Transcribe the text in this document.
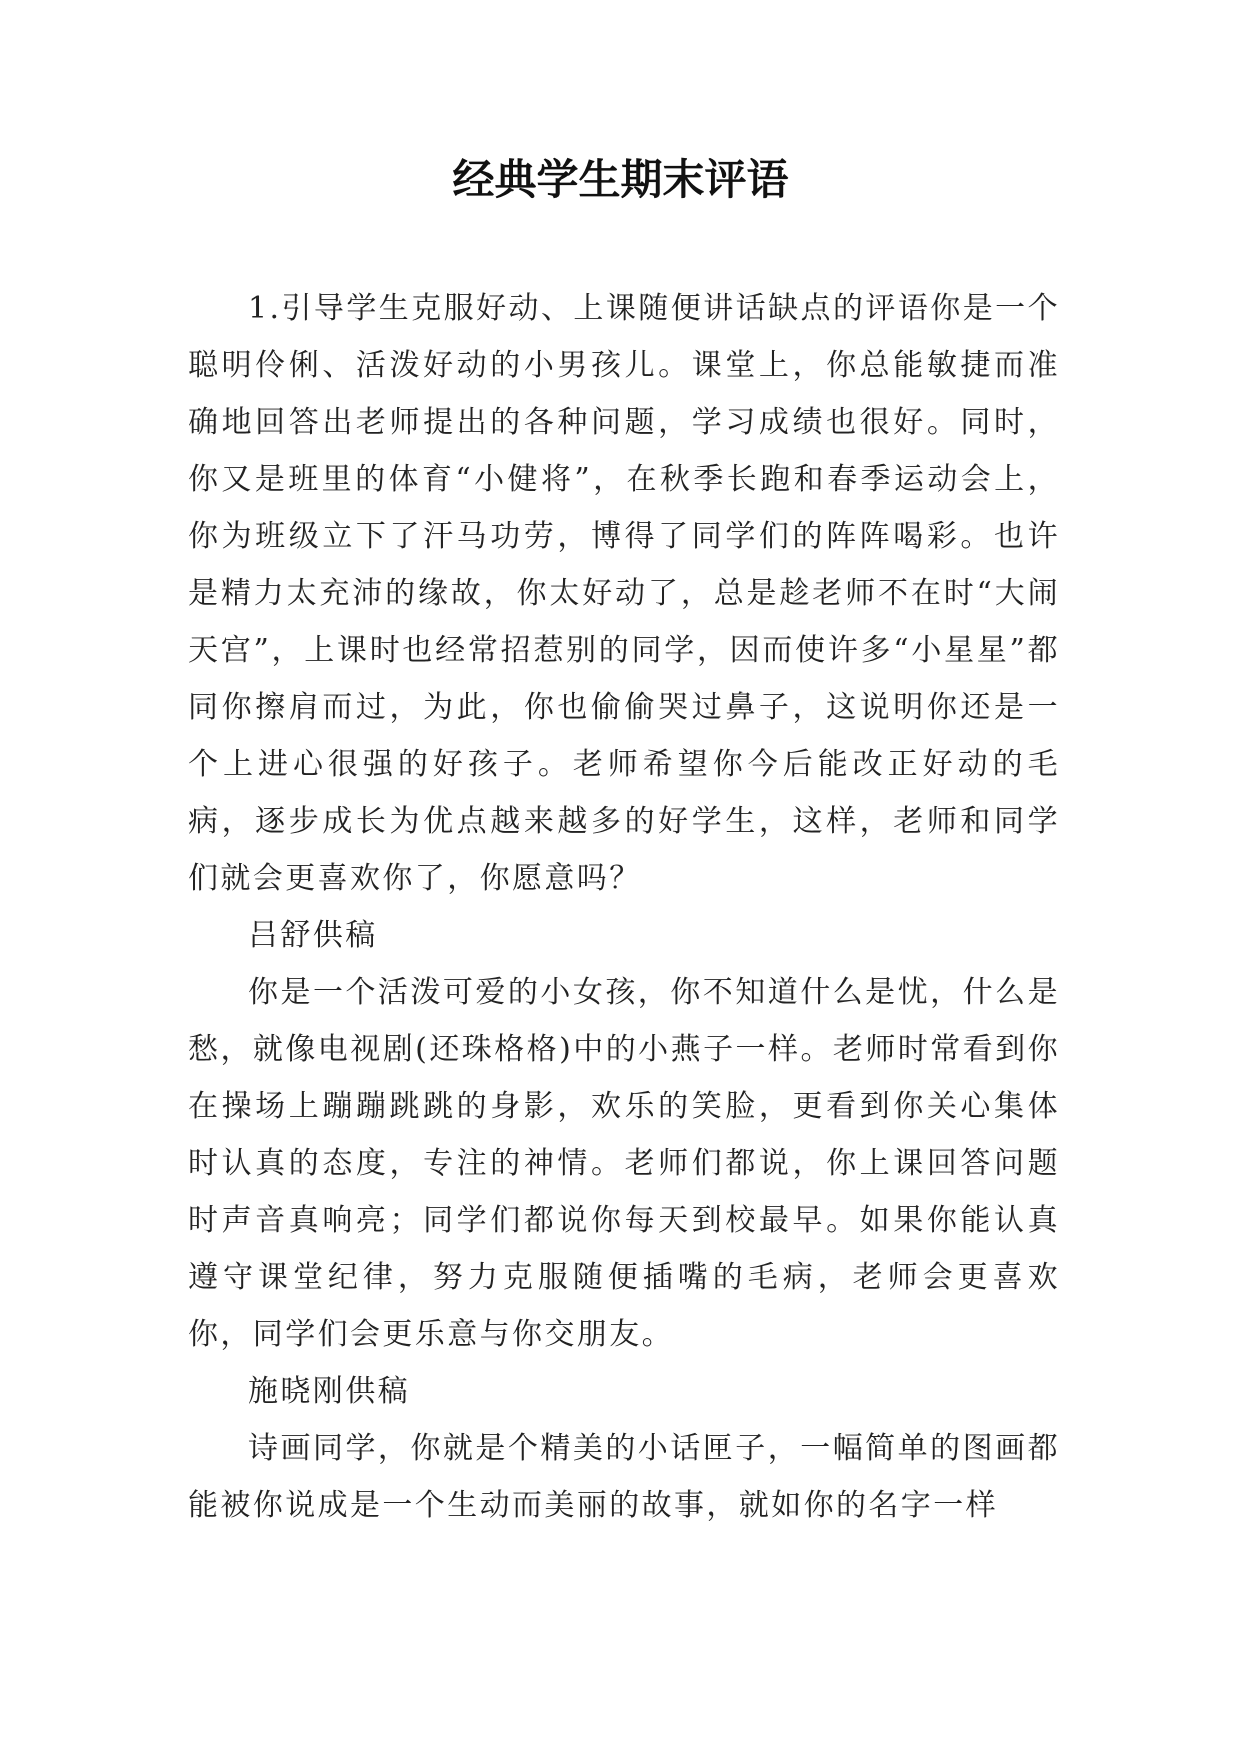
经典学生期末评语

1.引导学生克服好动、上课随便讲话缺点的评语你是一个聪明伶俐、活泼好动的小男孩儿。课堂上，你总能敏捷而准确地回答出老师提出的各种问题，学习成绩也很好。同时，你又是班里的体育“小健将”，在秋季长跑和春季运动会上，你为班级立下了汗马功劳，博得了同学们的阵阵喝彩。也许是精力太充沛的缘故，你太好动了，总是趁老师不在时“大闹天宫”，上课时也经常招惹别的同学，因而使许多“小星星”都同你擦肩而过，为此，你也偷偷哭过鼻子，这说明你还是一个上进心很强的好孩子。老师希望你今后能改正好动的毛病，逐步成长为优点越来越多的好学生，这样，老师和同学们就会更喜欢你了，你愿意吗？

吕舒供稿

你是一个活泼可爱的小女孩，你不知道什么是忧，什么是愁，就像电视剧(还珠格格)中的小燕子一样。老师时常看到你在操场上蹦蹦跳跳的身影，欢乐的笑脸，更看到你关心集体时认真的态度，专注的神情。老师们都说，你上课回答问题时声音真响亮；同学们都说你每天到校最早。如果你能认真遵守课堂纪律，努力克服随便插嘴的毛病，老师会更喜欢你，同学们会更乐意与你交朋友。

施晓刚供稿

诗画同学，你就是个精美的小话匣子，一幅简单的图画都能被你说成是一个生动而美丽的故事，就如你的名字一样
